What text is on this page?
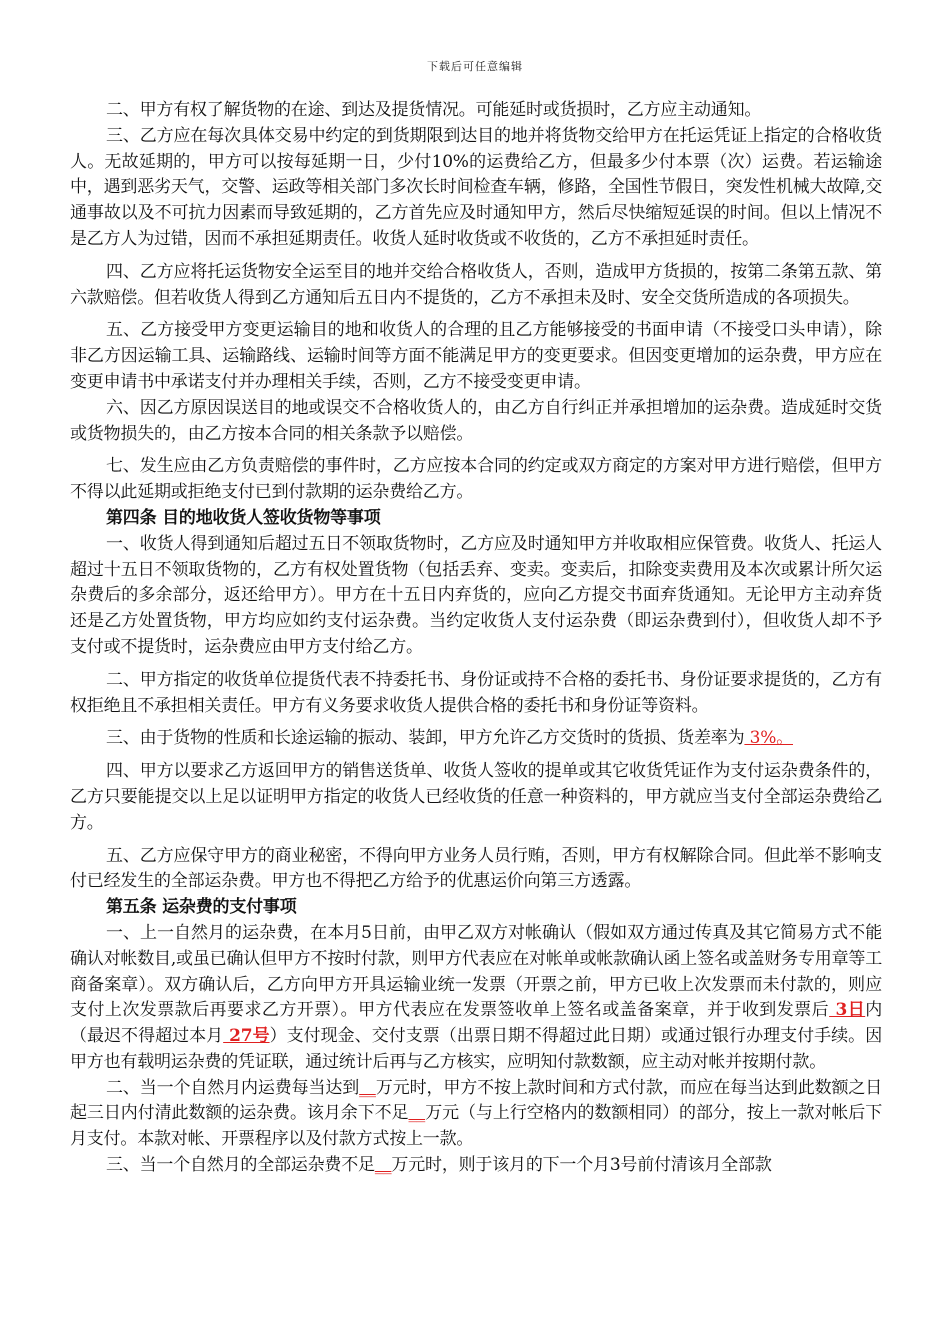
下载后可任意编辑

二、甲方有权了解货物的在途、到达及提货情况。可能延时或货损时，乙方应主动通知。

三、乙方应在每次具体交易中约定的到货期限到达目的地并将货物交给甲方在托运凭证上指定的合格收货人。无故延期的，甲方可以按每延期一日，少付10%的运费给乙方，但最多少付本票（次）运费。若运输途中，遇到恶劣天气，交警、运政等相关部门多次长时间检查车辆，修路，全国性节假日，突发性机械大故障,交通事故以及不可抗力因素而导致延期的，乙方首先应及时通知甲方，然后尽快缩短延误的时间。但以上情况不是乙方人为过错，因而不承担延期责任。收货人延时收货或不收货的，乙方不承担延时责任。

四、乙方应将托运货物安全运至目的地并交给合格收货人，否则，造成甲方货损的，按第二条第五款、第六款赔偿。但若收货人得到乙方通知后五日内不提货的，乙方不承担未及时、安全交货所造成的各项损失。

五、乙方接受甲方变更运输目的地和收货人的合理的且乙方能够接受的书面申请（不接受口头申请），除非乙方因运输工具、运输路线、运输时间等方面不能满足甲方的变更要求。但因变更增加的运杂费，甲方应在变更申请书中承诺支付并办理相关手续，否则，乙方不接受变更申请。

六、因乙方原因误送目的地或误交不合格收货人的，由乙方自行纠正并承担增加的运杂费。造成延时交货或货物损失的，由乙方按本合同的相关条款予以赔偿。

七、发生应由乙方负责赔偿的事件时，乙方应按本合同的约定或双方商定的方案对甲方进行赔偿，但甲方不得以此延期或拒绝支付已到付款期的运杂费给乙方。

第四条 目的地收货人签收货物等事项

一、收货人得到通知后超过五日不领取货物时，乙方应及时通知甲方并收取相应保管费。收货人、托运人超过十五日不领取货物的，乙方有权处置货物（包括丢弃、变卖。变卖后，扣除变卖费用及本次或累计所欠运杂费后的多余部分，返还给甲方）。甲方在十五日内弃货的，应向乙方提交书面弃货通知。无论甲方主动弃货还是乙方处置货物，甲方均应如约支付运杂费。当约定收货人支付运杂费（即运杂费到付），但收货人却不予支付或不提货时，运杂费应由甲方支付给乙方。

二、甲方指定的收货单位提货代表不持委托书、身份证或持不合格的委托书、身份证要求提货的，乙方有权拒绝且不承担相关责任。甲方有义务要求收货人提供合格的委托书和身份证等资料。

三、由于货物的性质和长途运输的振动、装卸，甲方允许乙方交货时的货损、货差率为 3%。

四、甲方以要求乙方返回甲方的销售送货单、收货人签收的提单或其它收货凭证作为支付运杂费条件的，乙方只要能提交以上足以证明甲方指定的收货人已经收货的任意一种资料的，甲方就应当支付全部运杂费给乙方。

五、乙方应保守甲方的商业秘密，不得向甲方业务人员行贿，否则，甲方有权解除合同。但此举不影响支付已经发生的全部运杂费。甲方也不得把乙方给予的优惠运价向第三方透露。

第五条 运杂费的支付事项

一、上一自然月的运杂费，在本月5日前，由甲乙双方对帐确认（假如双方通过传真及其它简易方式不能确认对帐数目,或虽已确认但甲方不按时付款，则甲方代表应在对帐单或帐款确认函上签名或盖财务专用章等工商备案章）。双方确认后，乙方向甲方开具运输业统一发票（开票之前，甲方已收上次发票而未付款的，则应支付上次发票款后再要求乙方开票）。甲方代表应在发票签收单上签名或盖备案章，并于收到发票后 3日内（最迟不得超过本月 27号）支付现金、交付支票（出票日期不得超过此日期）或通过银行办理支付手续。因甲方也有载明运杂费的凭证联，通过统计后再与乙方核实，应明知付款数额，应主动对帐并按期付款。

二、当一个自然月内运费每当达到__万元时，甲方不按上款时间和方式付款，而应在每当达到此数额之日起三日内付清此数额的运杂费。该月余下不足__万元（与上行空格内的数额相同）的部分，按上一款对帐后下月支付。本款对帐、开票程序以及付款方式按上一款。

三、当一个自然月的全部运杂费不足__万元时，则于该月的下一个月3号前付清该月全部款
